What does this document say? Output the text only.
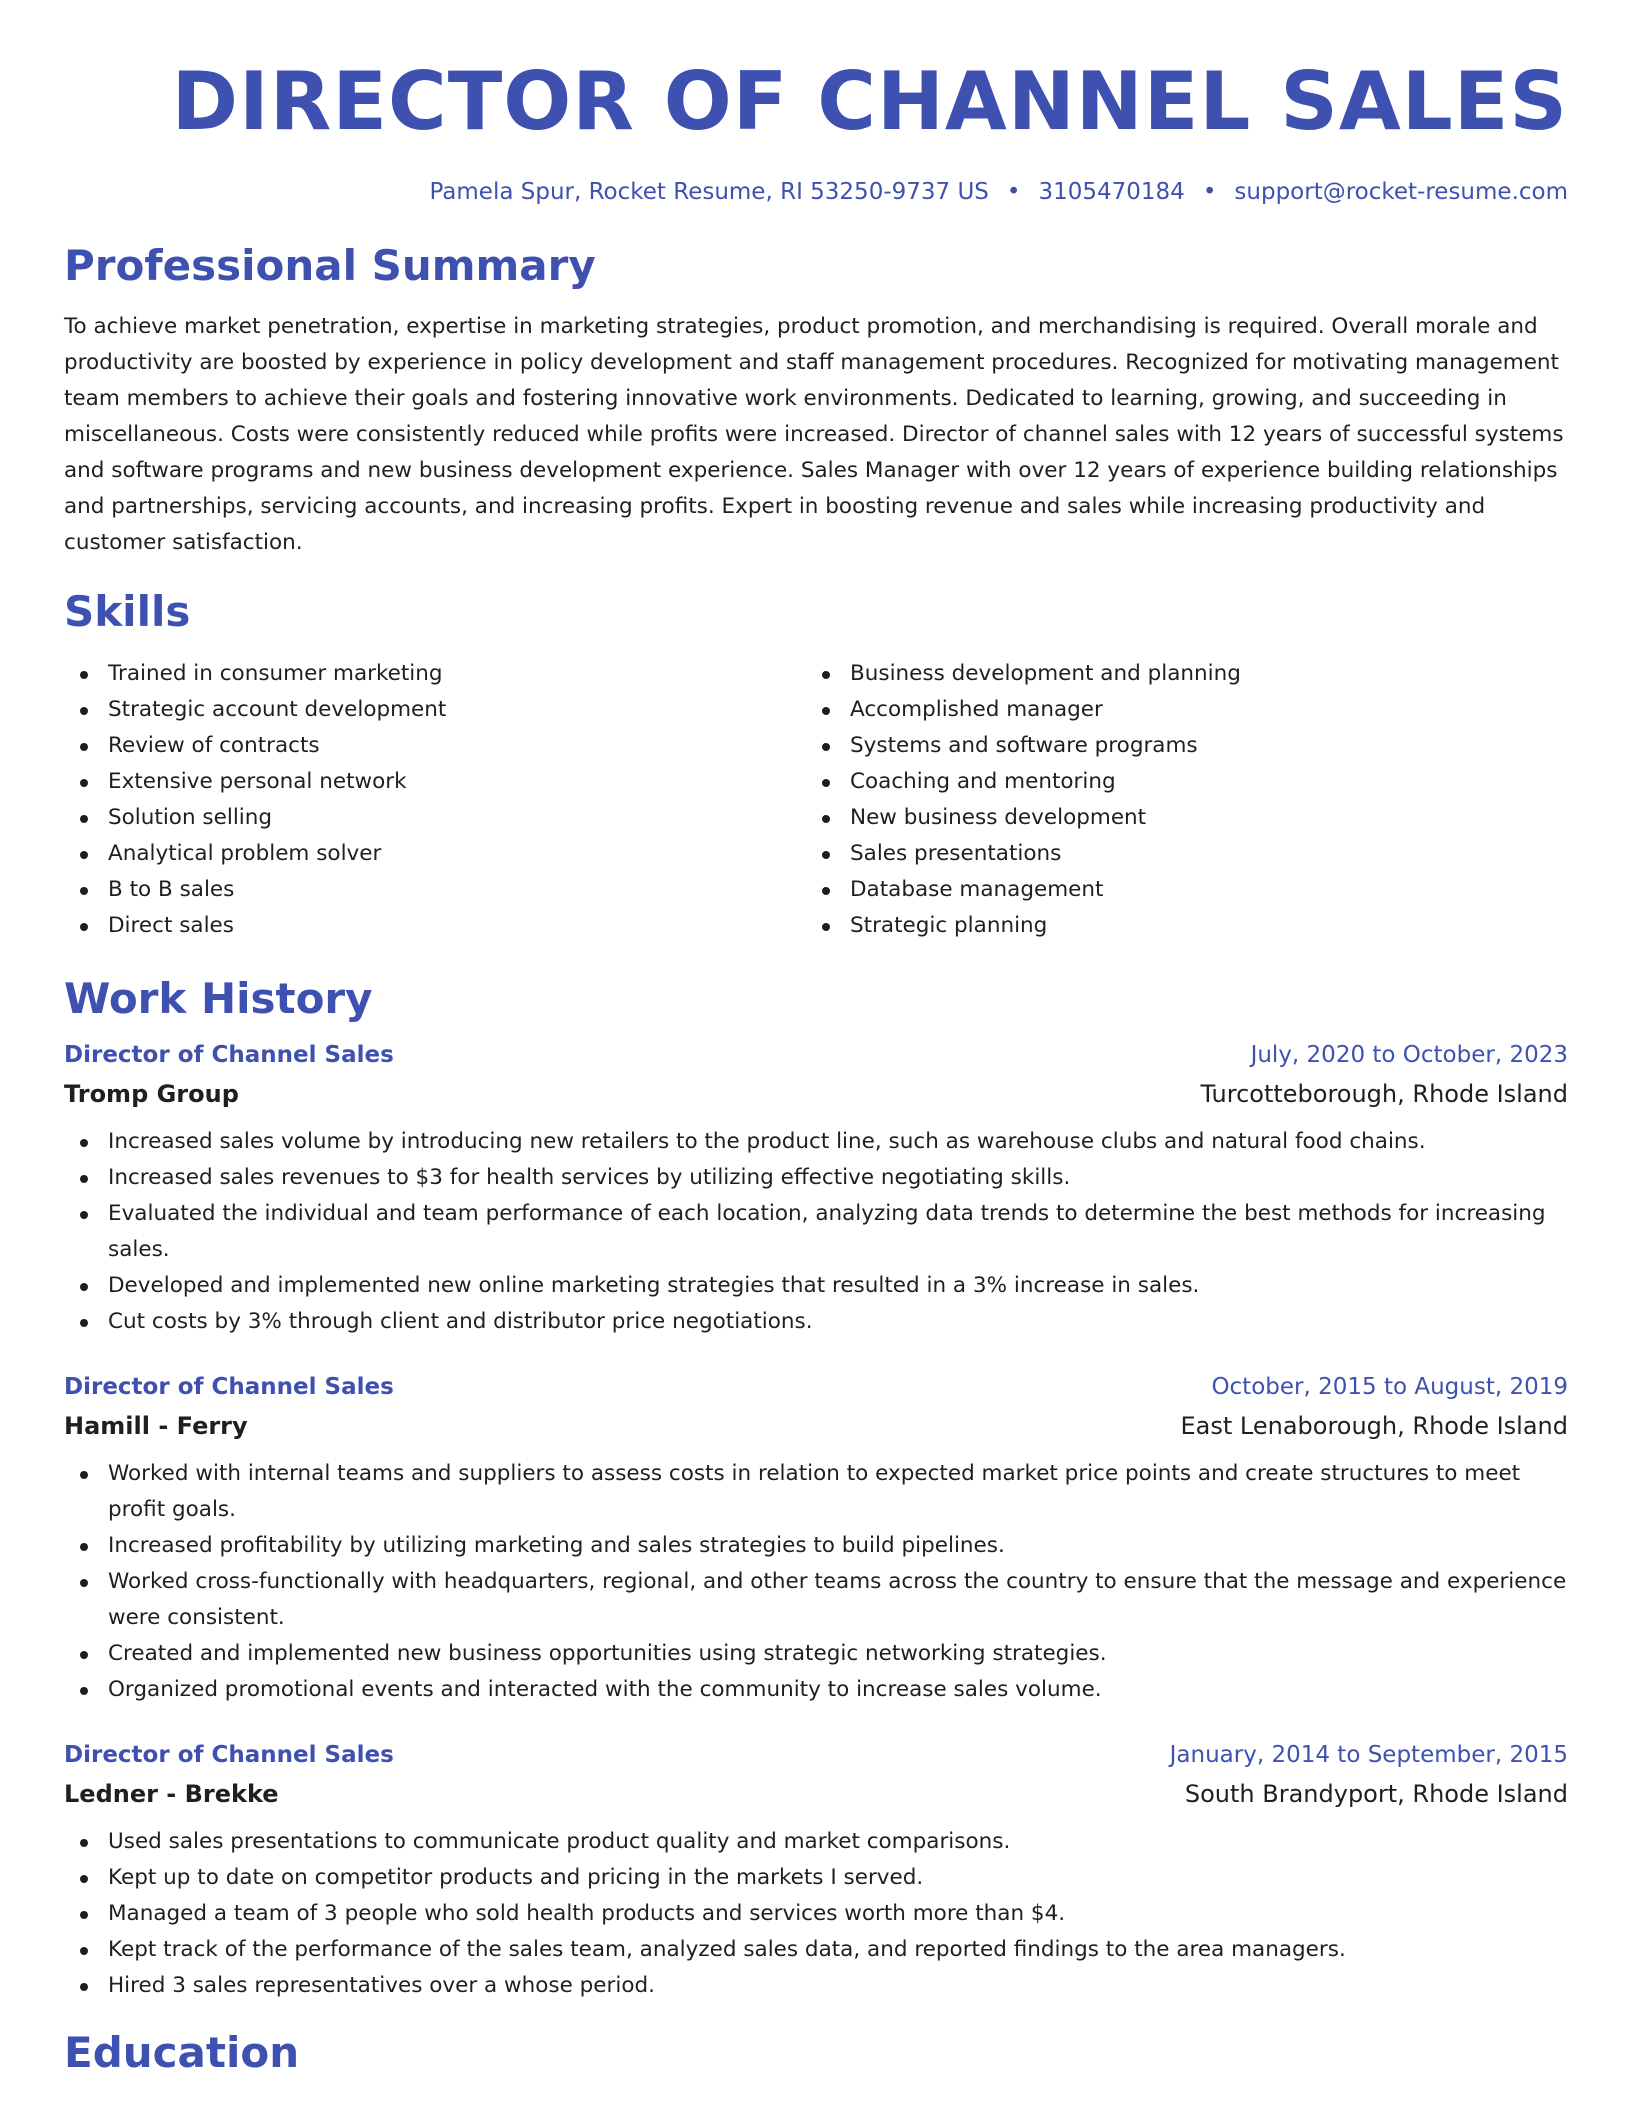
DIRECTOR OF CHANNEL SALES
Pamela Spur, Rocket Resume, RI 53250-9737 US • 3105470184 • support@rocket-resume.com
Professional Summary

To achieve market penetration, expertise in marketing strategies, product promotion, and merchandising is required. Overall morale and productivity are boosted by experience in policy development and staff management procedures. Recognized for motivating management team members to achieve their goals and fostering innovative work environments. Dedicated to learning, growing, and succeeding in miscellaneous. Costs were consistently reduced while profits were increased. Director of channel sales with 12 years of successful systems and software programs and new business development experience. Sales Manager with over 12 years of experience building relationships and partnerships, servicing accounts, and increasing profits. Expert in boosting revenue and sales while increasing productivity and customer satisfaction.

Skills
Trained in consumer marketing
Strategic account development
Review of contracts
Extensive personal network
Solution selling
Analytical problem solver
B to B sales
Direct sales
Business development and planning
Accomplished manager
Systems and software programs
Coaching and mentoring
New business development
Sales presentations
Database management
Strategic planning
Work History
Director of Channel Sales	July, 2020 to October, 2023
Tromp Group	Turcotteborough, Rhode Island
Increased sales volume by introducing new retailers to the product line, such as warehouse clubs and natural food chains.
Increased sales revenues to $3 for health services by utilizing effective negotiating skills.
Evaluated the individual and team performance of each location, analyzing data trends to determine the best methods for increasing sales.
Developed and implemented new online marketing strategies that resulted in a 3% increase in sales.
Cut costs by 3% through client and distributor price negotiations.
Director of Channel Sales	October, 2015 to August, 2019
Hamill - Ferry	East Lenaborough, Rhode Island
Worked with internal teams and suppliers to assess costs in relation to expected market price points and create structures to meet profit goals.
Increased profitability by utilizing marketing and sales strategies to build pipelines.
Worked cross-functionally with headquarters, regional, and other teams across the country to ensure that the message and experience were consistent.
Created and implemented new business opportunities using strategic networking strategies.
Organized promotional events and interacted with the community to increase sales volume.
Director of Channel Sales	January, 2014 to September, 2015
Ledner - Brekke	South Brandyport, Rhode Island
Used sales presentations to communicate product quality and market comparisons.
Kept up to date on competitor products and pricing in the markets I served.
Managed a team of 3 people who sold health products and services worth more than $4.
Kept track of the performance of the sales team, analyzed sales data, and reported findings to the area managers.
Hired 3 sales representatives over a whose period.
Education
